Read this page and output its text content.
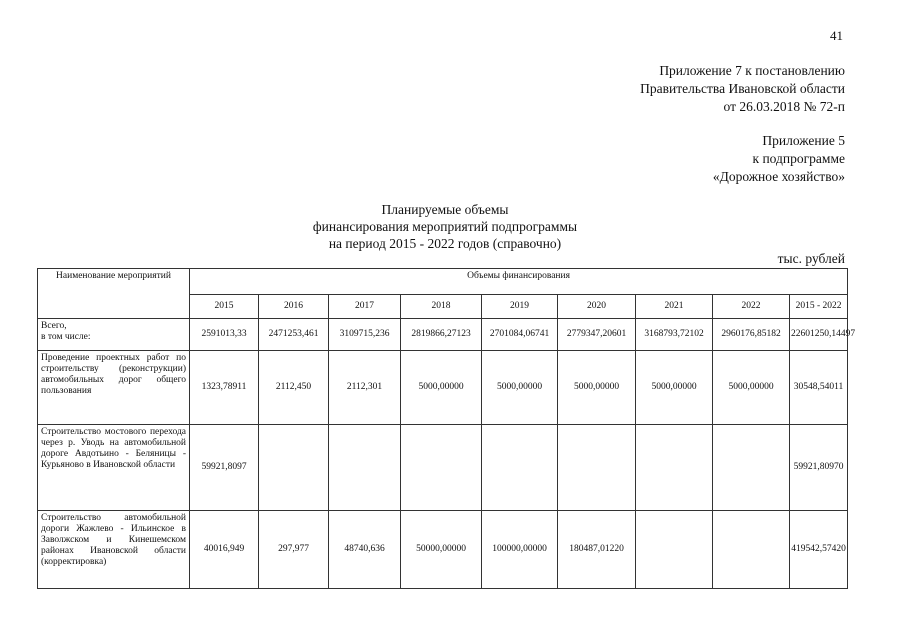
41
Приложение 7 к постановлению
Правительства Ивановской области
от 26.03.2018 № 72-п
Приложение 5
к подпрограмме
«Дорожное хозяйство»
Планируемые объемы
финансирования мероприятий подпрограммы
на период 2015 - 2022 годов (справочно)
тыс. рублей
Наименование мероприятий	Объемы финансирования								
	2015	2016	2017	2018	2019	2020	2021	2022	2015 - 2022
Всего,
в том числе:	2591013,33	2471253,461	3109715,236	2819866,27123	2701084,06741	2779347,20601	3168793,72102	2960176,85182	22601250,14497
Проведение проектных работ по строительству (реконструкции) автомобильных дорог общего пользования	1323,78911	2112,450	2112,301	5000,00000	5000,00000	5000,00000	5000,00000	5000,00000	30548,54011
Строительство мостового перехода через р. Уводь на автомобильной дороге Авдотьино - Беляницы - Курьяново в Ивановской области	59921,8097								59921,80970
Строительство автомобильной дороги Жажлево - Ильинское в Заволжском и Кинешемском районах Ивановской области (корректировка)	40016,949	297,977	48740,636	50000,00000	100000,00000	180487,01220			419542,57420
